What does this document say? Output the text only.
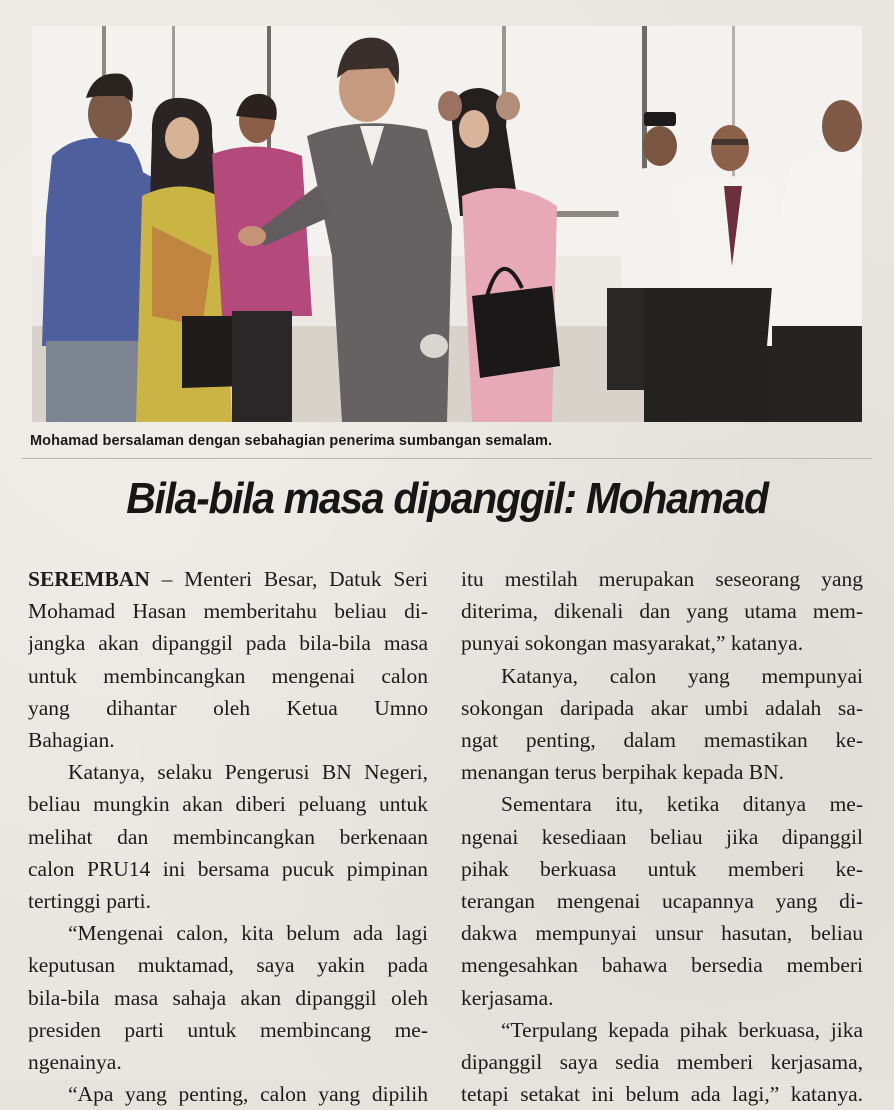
Mohamad bersalaman dengan sebahagian penerima sumbangan semalam.
Bila-bila masa dipanggil: Mohamad
SEREMBAN – Menteri Besar, Datuk Seri
Mohamad Hasan memberitahu beliau di-
jangka akan dipanggil pada bila-bila masa
untuk membincangkan mengenai calon
yang dihantar oleh Ketua Umno
Bahagian.
Katanya, selaku Pengerusi BN Negeri,
beliau mungkin akan diberi peluang untuk
melihat dan membincangkan berkenaan
calon PRU14 ini bersama pucuk pimpinan
tertinggi parti.
“Mengenai calon, kita belum ada lagi
keputusan muktamad, saya yakin pada
bila-bila masa sahaja akan dipanggil oleh
presiden parti untuk membincang me-
ngenainya.
“Apa yang penting, calon yang dipilih
itu mestilah merupakan seseorang yang
diterima, dikenali dan yang utama mem-
punyai sokongan masyarakat,” katanya.
Katanya, calon yang mempunyai
sokongan daripada akar umbi adalah sa-
ngat penting, dalam memastikan ke-
menangan terus berpihak kepada BN.
Sementara itu, ketika ditanya me-
ngenai kesediaan beliau jika dipanggil
pihak berkuasa untuk memberi ke-
terangan mengenai ucapannya yang di-
dakwa mempunyai unsur hasutan, beliau
mengesahkan bahawa bersedia memberi
kerjasama.
“Terpulang kepada pihak berkuasa, jika
dipanggil saya sedia memberi kerjasama,
tetapi setakat ini belum ada lagi,” katanya.
